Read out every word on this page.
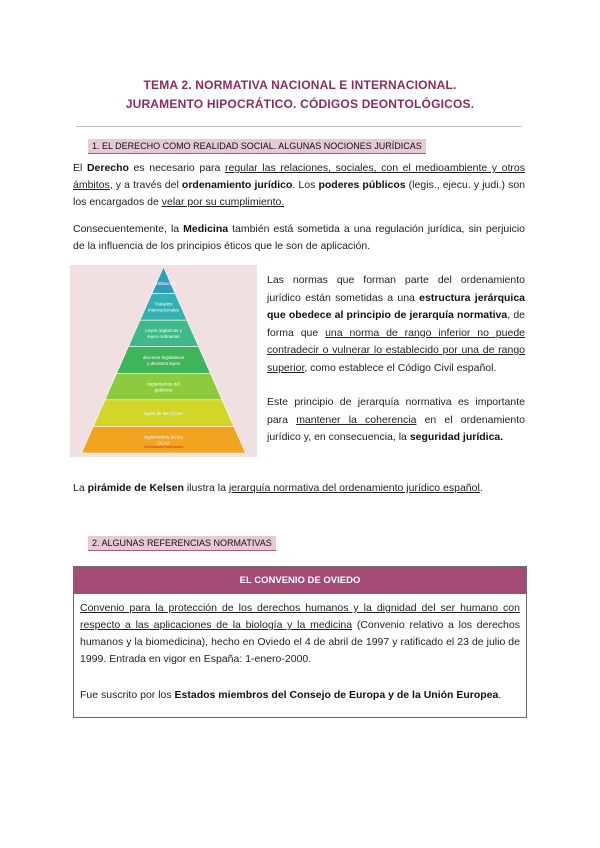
TEMA 2. NORMATIVA NACIONAL E INTERNACIONAL.
JURAMENTO HIPOCRÁTICO. CÓDIGOS DEONTOLÓGICOS.
1. EL DERECHO COMO REALIDAD SOCIAL. ALGUNAS NOCIONES JURÍDICAS
El Derecho es necesario para regular las relaciones, sociales, con el medioambiente y otros ámbitos, y a través del ordenamiento jurídico. Los poderes públicos (legis., ejecu. y judi.) son los encargados de velar por su cumplimiento.
Consecuentemente, la Medicina también está sometida a una regulación jurídica, sin perjuicio de la influencia de los principios éticos que le son de aplicación.
constitución
Tratados
internacionales
Leyes orgánicas y
leyes ordinarias
decretos legislativos
y decretos leyes
reglamentos del
gobierno
leyes de las CCAA
reglamentos de las
CCAA
Ordenanzas municipales
Las normas que forman parte del ordenamiento jurídico están sometidas a una estructura jerárquica que obedece al principio de jerarquía normativa, de forma que una norma de rango inferior no puede contradecir o vulnerar lo establecido por una de rango superior, como establece el Código Civil español.
Este principio de jerarquía normativa es importante para mantener la coherencia en el ordenamiento jurídico y, en consecuencia, la seguridad jurídica.
La pirámide de Kelsen ilustra la jerarquía normativa del ordenamiento jurídico español.
2. ALGUNAS REFERENCIAS NORMATIVAS
EL CONVENIO DE OVIEDO
Convenio para la protección de los derechos humanos y la dignidad del ser humano con respecto a las aplicaciones de la biología y la medicina (Convenio relativo a los derechos humanos y la biomedicina), hecho en Oviedo el 4 de abril de 1997 y ratificado el 23 de julio de 1999. Entrada en vigor en España: 1-enero-2000.
Fue suscrito por los Estados miembros del Consejo de Europa y de la Unión Europea.
